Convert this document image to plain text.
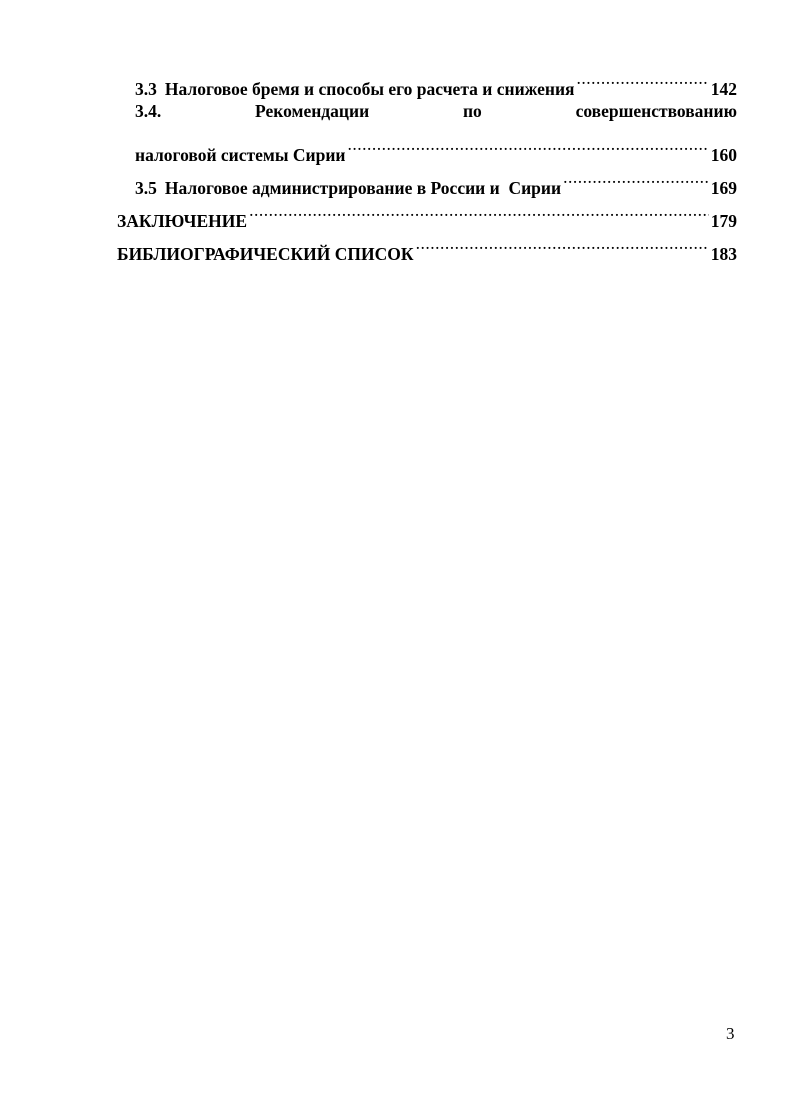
3.3 Налоговое бремя и способы его расчета и снижения .....	142
3.4.	Рекомендации	по	совершенствованию
налоговой системы Сирии .....	160
3.5 Налоговое администрирование в России и  Сирии .....	169
ЗАКЛЮЧЕНИЕ .....	179
БИБЛИОГРАФИЧЕСКИЙ СПИСОК .....	183
3
